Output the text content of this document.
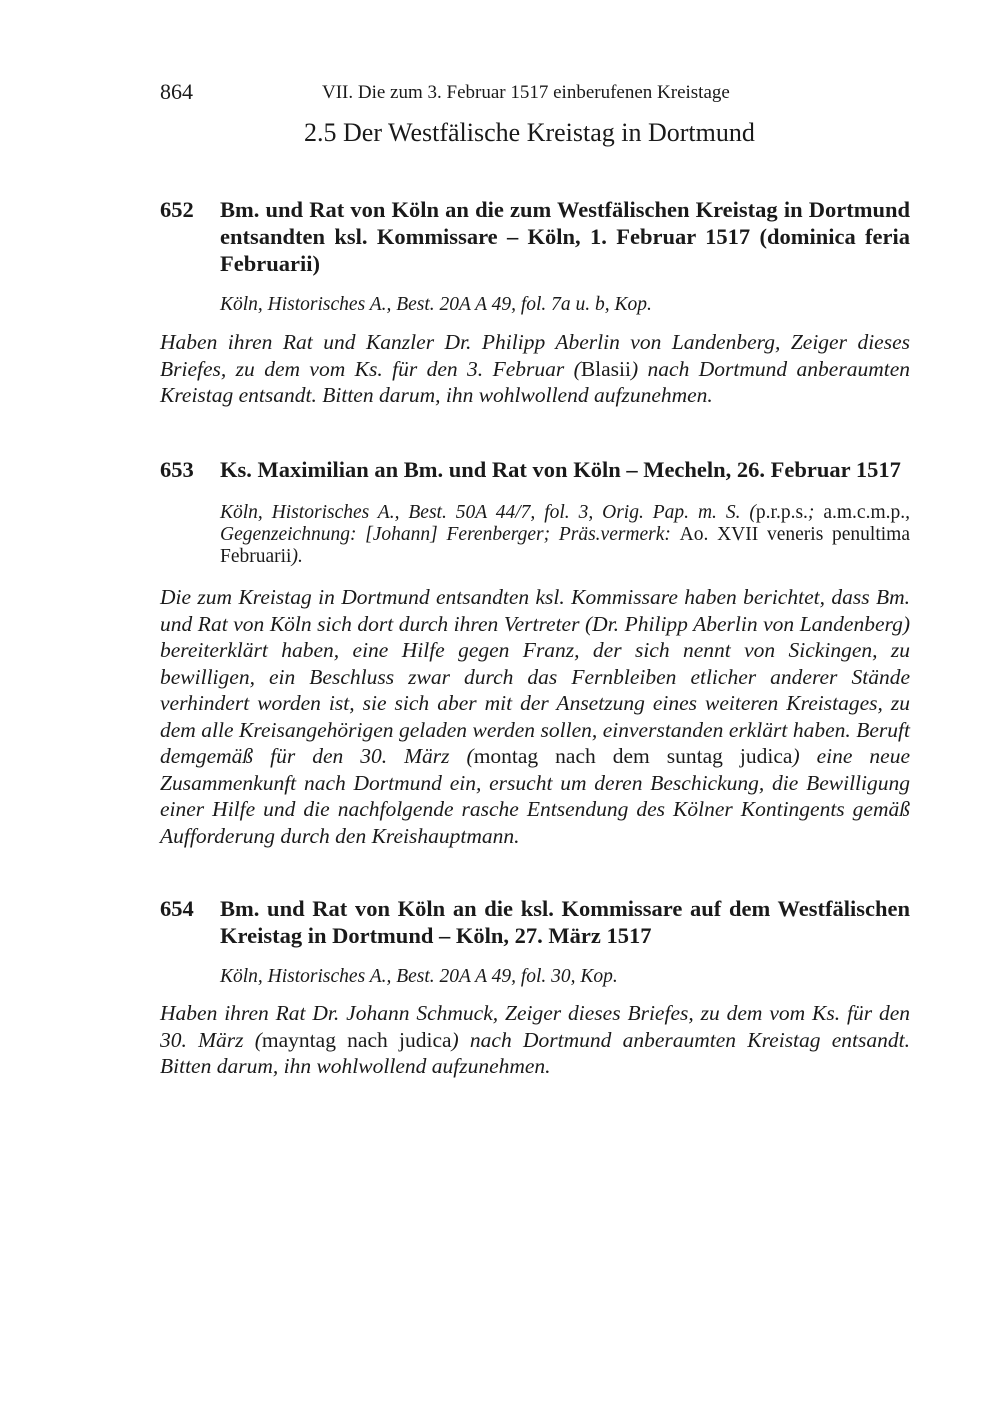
864	VII. Die zum 3. Februar 1517 einberufenen Kreistage
2.5 Der Westfälische Kreistag in Dortmund
652 Bm. und Rat von Köln an die zum Westfälischen Kreistag in Dortmund entsandten ksl. Kommissare – Köln, 1. Februar 1517 (dominica feria Februarii)
Köln, Historisches A., Best. 20A A 49, fol. 7a u. b, Kop.
Haben ihren Rat und Kanzler Dr. Philipp Aberlin von Landenberg, Zeiger dieses Briefes, zu dem vom Ks. für den 3. Februar (Blasii) nach Dortmund anberaumten Kreistag entsandt. Bitten darum, ihn wohlwollend aufzunehmen.
653 Ks. Maximilian an Bm. und Rat von Köln – Mecheln, 26. Februar 1517
Köln, Historisches A., Best. 50A 44/7, fol. 3, Orig. Pap. m. S. (p.r.p.s.; a.m.c.m.p., Gegenzeichnung: [Johann] Ferenberger; Präs.vermerk: Ao. XVII veneris penultima Februarii).
Die zum Kreistag in Dortmund entsandten ksl. Kommissare haben berichtet, dass Bm. und Rat von Köln sich dort durch ihren Vertreter (Dr. Philipp Aberlin von Landenberg) bereiterklärt haben, eine Hilfe gegen Franz, der sich nennt von Sickingen, zu bewilligen, ein Beschluss zwar durch das Fernbleiben etlicher anderer Stände verhindert worden ist, sie sich aber mit der Ansetzung eines weiteren Kreistages, zu dem alle Kreisangehörigen geladen werden sollen, einverstanden erklärt haben. Beruft demgemäß für den 30. März (montag nach dem suntag judica) eine neue Zusammenkunft nach Dortmund ein, ersucht um deren Beschickung, die Bewilligung einer Hilfe und die nachfolgende rasche Entsendung des Kölner Kontingents gemäß Aufforderung durch den Kreishauptmann.
654 Bm. und Rat von Köln an die ksl. Kommissare auf dem Westfälischen Kreistag in Dortmund – Köln, 27. März 1517
Köln, Historisches A., Best. 20A A 49, fol. 30, Kop.
Haben ihren Rat Dr. Johann Schmuck, Zeiger dieses Briefes, zu dem vom Ks. für den 30. März (mayntag nach judica) nach Dortmund anberaumten Kreistag entsandt. Bitten darum, ihn wohlwollend aufzunehmen.
